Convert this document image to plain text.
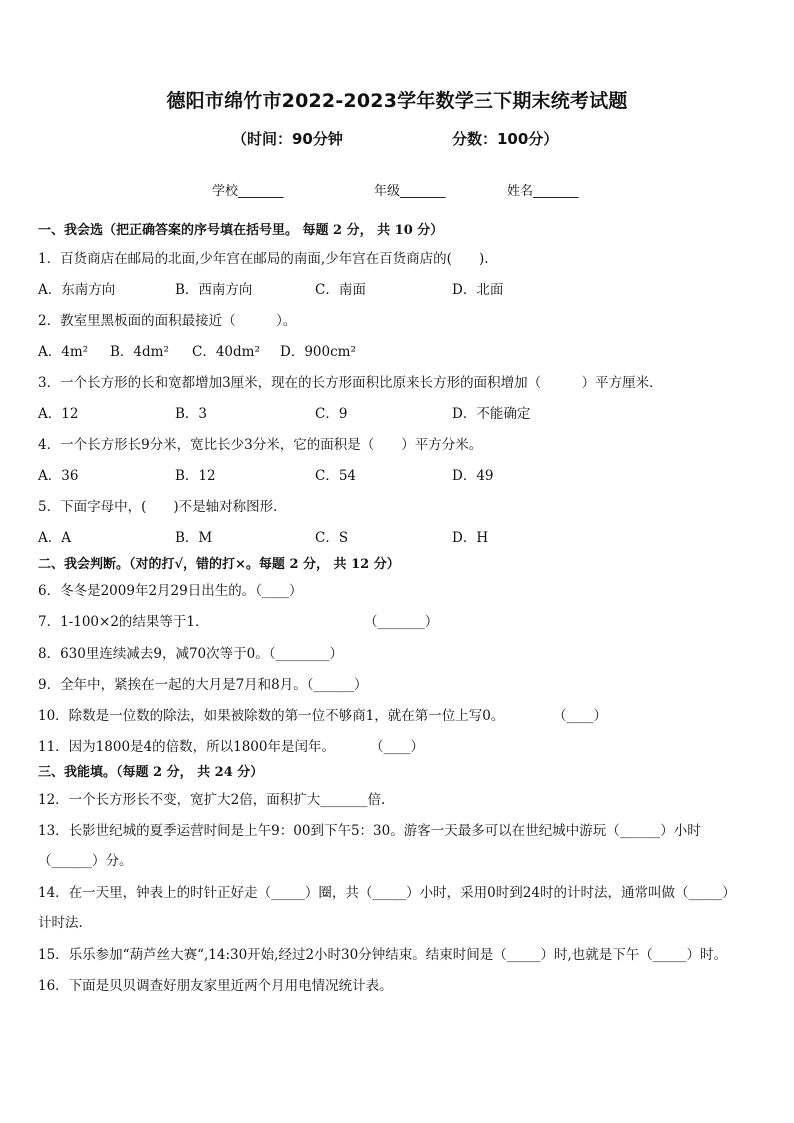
德阳市绵竹市2022-2023学年数学三下期末统考试题
（时间：90分钟	分数：100分）
学校_______	年级_______	姓名_______
一、我会选（把正确答案的序号填在括号里。 每题 2 分， 共 10 分）
1．百货商店在邮局的北面,少年宫在邮局的南面,少年宫在百货商店的(　　).
A．东南方向	B．西南方向	C．南面	D．北面
2．教室里黑板面的面积最接近（　　　）。
A．4m² B．4dm² C．40dm² D．900cm²
3．一个长方形的长和宽都增加3厘米，现在的长方形面积比原来长方形的面积增加（　　　）平方厘米．
A．12	B．3	C．9	D．不能确定
4．一个长方形长9分米，宽比长少3分米，它的面积是（　　）平方分米。
A．36	B．12	C．54	D．49
5．下面字母中，(　　)不是轴对称图形．
A．A	B．M	C．S	D．H
二、我会判断。（对的打√，错的打×。每题 2 分， 共 12 分）
6．冬冬是2009年2月29日出生的。（____）
7．1-100×2的结果等于1．	（_______）
8．630里连续减去9，减70次等于0。（________）
9．全年中，紧挨在一起的大月是7月和8月。（______）
10．除数是一位数的除法，如果被除数的第一位不够商1，就在第一位上写0。	（____）
11．因为1800是4的倍数，所以1800年是闰年。	（____）
三、我能填。（每题 2 分， 共 24 分）
12．一个长方形长不变，宽扩大2倍，面积扩大_______倍.
13．长影世纪城的夏季运营时间是上午9：00到下午5：30。游客一天最多可以在世纪城中游玩（______）小时
（______）分。
14．在一天里，钟表上的时针正好走（_____）圈，共（_____）小时，采用0时到24时的计时法，通常叫做（_____）
计时法.
15．乐乐参加“葫芦丝大赛“,14:30开始,经过2小时30分钟结束。结束时间是（_____）时,也就是下午（_____）时。
16．下面是贝贝调查好朋友家里近两个月用电情况统计表。
